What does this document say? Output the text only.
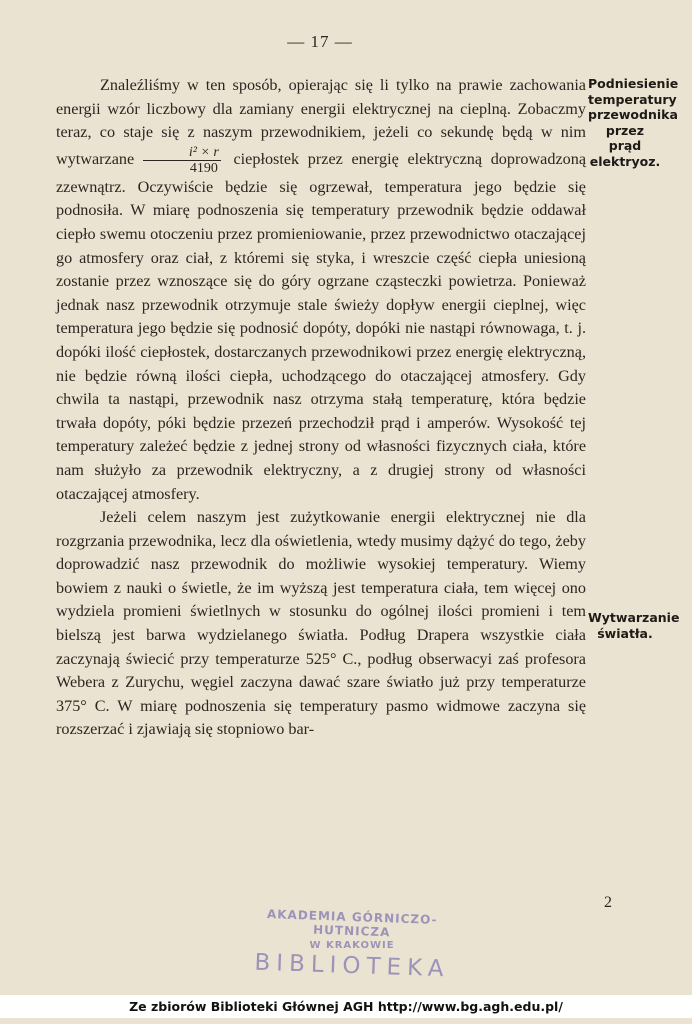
— 17 —

Znaleźliśmy w ten sposób, opierając się li tylko na prawie zachowania energii wzór liczbowy dla zamiany energii elektrycznej na cieplną. Zobaczmy teraz, co staje się z naszym przewodnikiem, jeżeli co sekundę będą w nim wytwarzane $\frac{\text{i² × r}}{4190}$ ciepłostek przez energię elektryczną doprowadzoną zzewnątrz. Oczywiście będzie się ogrzewał, temperatura jego będzie się podnosiła. W miarę podnoszenia się temperatury przewodnik będzie oddawał ciepło swemu otoczeniu przez promieniowanie, przez przewodnictwo otaczającej go atmosfery oraz ciał, z któremi się styka, i wreszcie część ciepła uniesioną zostanie przez wznoszące się do góry ogrzane cząsteczki powietrza. Ponieważ jednak nasz przewodnik otrzymuje stale świeży dopływ energii cieplnej, więc temperatura jego będzie się podnosić dopóty, dopóki nie nastąpi równowaga, t. j. dopóki ilość ciepłostek, dostarczanych przewodnikowi przez energię elektryczną, nie będzie równą ilości ciepła, uchodzącego do otaczającej atmosfery. Gdy chwila ta nastąpi, przewodnik nasz otrzyma stałą temperaturę, która będzie trwała dopóty, póki będzie przezeń przechodził prąd i amperów. Wysokość tej temperatury zależeć będzie z jednej strony od własności fizycznych ciała, które nam służyło za przewodnik elektryczny, a z drugiej strony od własności otaczającej atmosfery.

Jeżeli celem naszym jest zużytkowanie energii elektrycznej nie dla rozgrzania przewodnika, lecz dla oświetlenia, wtedy musimy dążyć do tego, żeby doprowadzić nasz przewodnik do możliwie wysokiej temperatury. Wiemy bowiem z nauki o świetle, że im wyższą jest temperatura ciała, tem więcej ono wydziela promieni świetlnych w stosunku do ogólnej ilości promieni i tem bielszą jest barwa wydzielanego światła. Podług Drapera wszystkie ciała zaczynają świecić przy temperaturze 525° C., podług obserwacyi zaś profesora Webera z Zurychu, węgiel zaczyna dawać szare światło już przy temperaturze 375° C. W miarę podnoszenia się temperatury pasmo widmowe zaczyna się rozszerzać i zjawiają się stopniowo bar-

Podniesienie temperatury przewodnika przez prąd elektryoz.
Wytwarzanie światła.
2
AKADEMIA GÓRNICZO-HUTNICZA
W KRAKOWIE
BIBLIOTEKA
Ze zbiorów Biblioteki Głównej AGH http://www.bg.agh.edu.pl/
